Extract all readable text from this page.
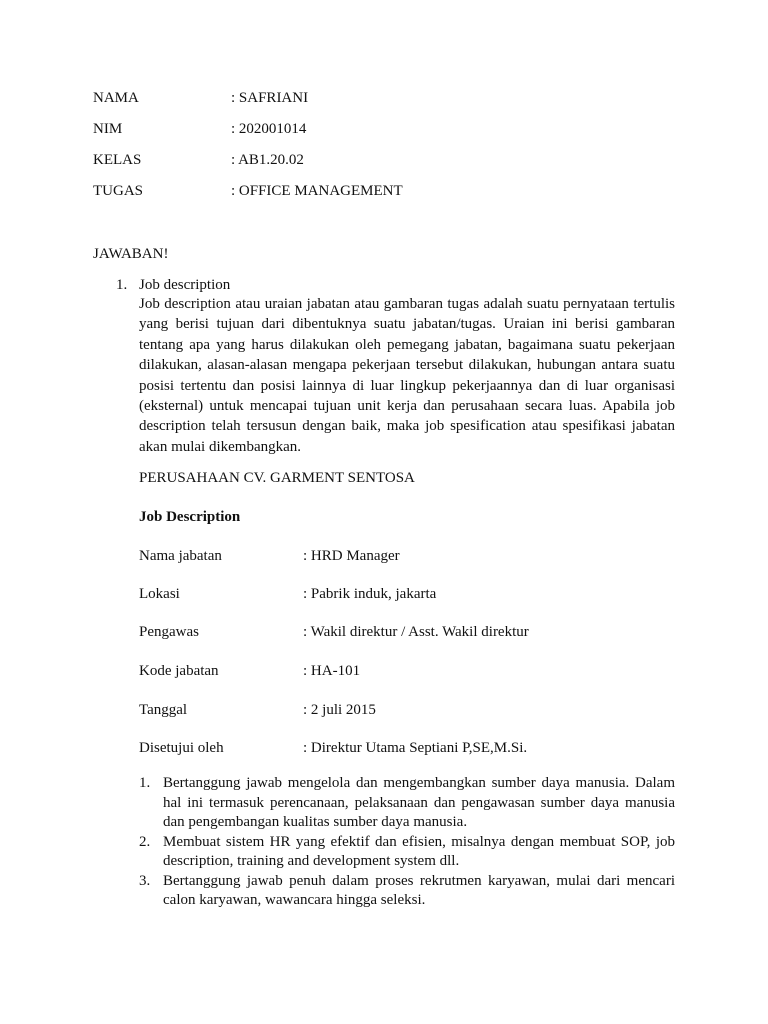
NAMA	: SAFRIANI
NIM	: 202001014
KELAS	: AB1.20.02
TUGAS	: OFFICE MANAGEMENT
JAWABAN!
1. Job description
Job description atau uraian jabatan atau gambaran tugas adalah suatu pernyataan tertulis yang berisi tujuan dari dibentuknya suatu jabatan/tugas. Uraian ini berisi gambaran tentang apa yang harus dilakukan oleh pemegang jabatan, bagaimana suatu pekerjaan dilakukan, alasan-alasan mengapa pekerjaan tersebut dilakukan, hubungan antara suatu posisi tertentu dan posisi lainnya di luar lingkup pekerjaannya dan di luar organisasi (eksternal) untuk mencapai tujuan unit kerja dan perusahaan secara luas. Apabila job description telah tersusun dengan baik, maka job spesification atau spesifikasi jabatan akan mulai dikembangkan.
PERUSAHAAN CV. GARMENT SENTOSA
Job Description
Nama jabatan	: HRD Manager
Lokasi	: Pabrik induk, jakarta
Pengawas	: Wakil direktur / Asst. Wakil direktur
Kode jabatan	: HA-101
Tanggal	: 2 juli 2015
Disetujui oleh	: Direktur Utama Septiani P,SE,M.Si.
1. Bertanggung jawab mengelola dan mengembangkan sumber daya manusia. Dalam hal ini termasuk perencanaan, pelaksanaan dan pengawasan sumber daya manusia dan pengembangan kualitas sumber daya manusia.
2. Membuat sistem HR yang efektif dan efisien, misalnya dengan membuat SOP, job description, training and development system dll.
3. Bertanggung jawab penuh dalam proses rekrutmen karyawan, mulai dari mencari calon karyawan, wawancara hingga seleksi.
